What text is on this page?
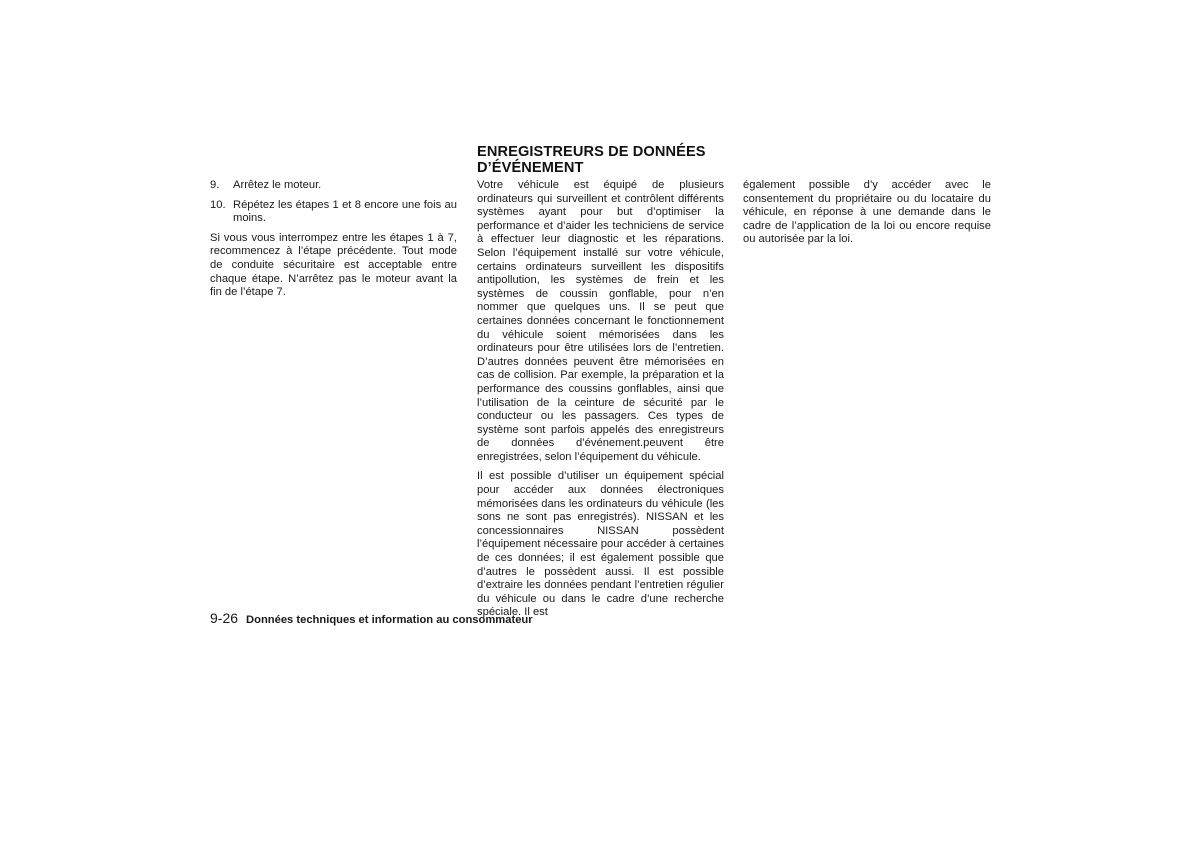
9.	Arrêtez le moteur.
10. Répétez les étapes 1 et 8 encore une fois au moins.

Si vous vous interrompez entre les étapes 1 à 7, recommencez à l’étape précédente. Tout mode de conduite sécuritaire est acceptable entre chaque étape. N’arrêtez pas le moteur avant la fin de l’étape 7.

ENREGISTREURS DE DONNÉES D’ÉVÉNEMENT

Votre véhicule est équipé de plusieurs ordinateurs qui surveillent et contrôlent différents systèmes ayant pour but d’optimiser la performance et d’aider les techniciens de service à effectuer leur diagnostic et les réparations. Selon l’équipement installé sur votre véhicule, certains ordinateurs surveillent les dispositifs antipollution, les systèmes de frein et les systèmes de coussin gonflable, pour n’en nommer que quelques uns. Il se peut que certaines données concernant le fonctionnement du véhicule soient mémorisées dans les ordinateurs pour être utilisées lors de l’entretien. D’autres données peuvent être mémorisées en cas de collision. Par exemple, la préparation et la performance des coussins gonflables, ainsi que l’utilisation de la ceinture de sécurité par le conducteur ou les passagers. Ces types de système sont parfois appelés des enregistreurs de données d’événement.peuvent être enregistrées, selon l’équipement du véhicule.

Il est possible d’utiliser un équipement spécial pour accéder aux données électroniques mémorisées dans les ordinateurs du véhicule (les sons ne sont pas enregistrés). NISSAN et les concessionnaires NISSAN possèdent l’équipement nécessaire pour accéder à certaines de ces données; il est également possible que d’autres le possèdent aussi. Il est possible d’extraire les données pendant l’entretien régulier du véhicule ou dans le cadre d’une recherche spéciale. Il est

également possible d’y accéder avec le consentement du propriétaire ou du locataire du véhicule, en réponse à une demande dans le cadre de l’application de la loi ou encore requise ou autorisée par la loi.

9-26 Données techniques et information au consommateur
